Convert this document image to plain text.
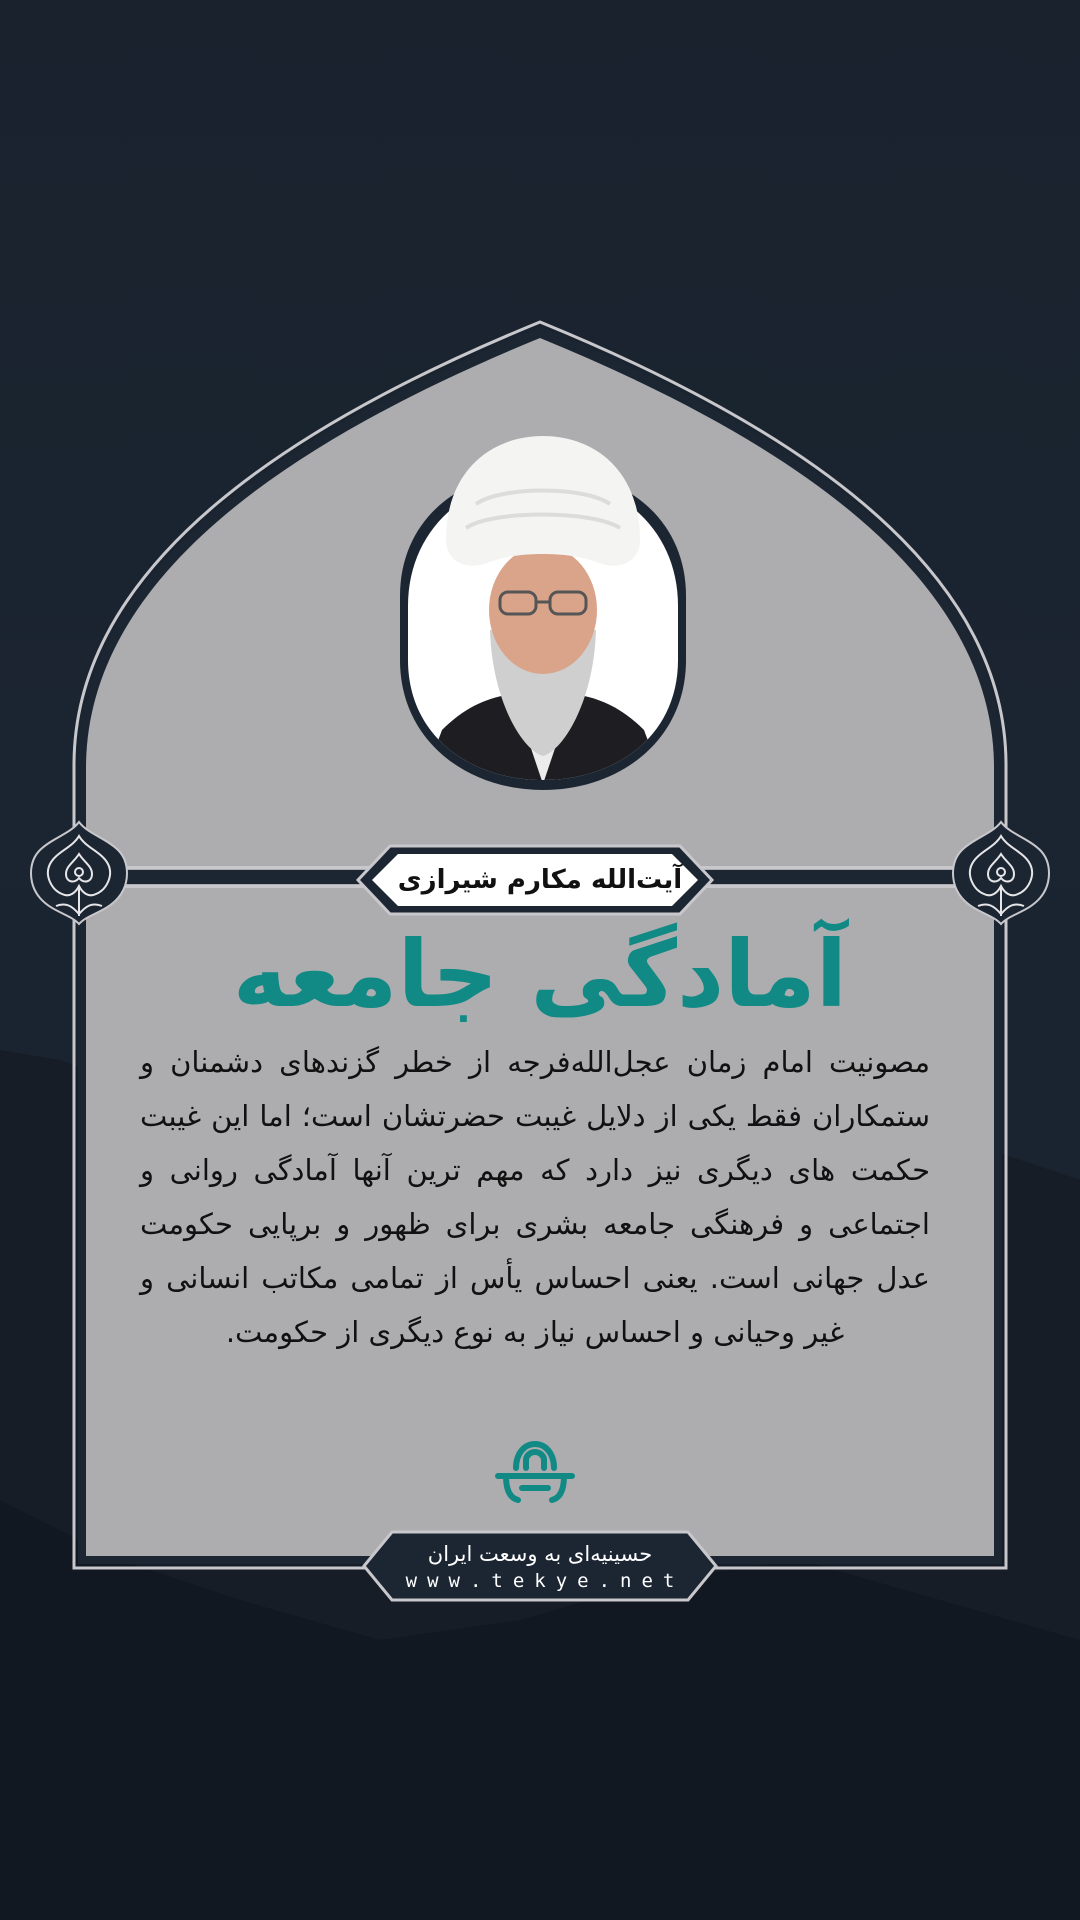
آیت‌الله مکارم شیرازی
آمادگی جامعه
مصونیت امام زمان عجل‌الله‌فرجه از خطر گزندهای دشمنان و ستمکاران فقط یکی از دلایل غیبت حضرتشان است؛ اما این غیبت حکمت های دیگری نیز دارد که مهم ترین آنها آمادگی روانی و اجتماعی و فرهنگی جامعه بشری برای ظهور و برپایی حکومت عدل جهانی است. یعنی احساس یأس از تمامی مکاتب انسانی و غیر وحیانی و احساس نیاز به نوع دیگری از حکومت.
حسینیه‌ای به وسعت ایران
www.tekye.net
